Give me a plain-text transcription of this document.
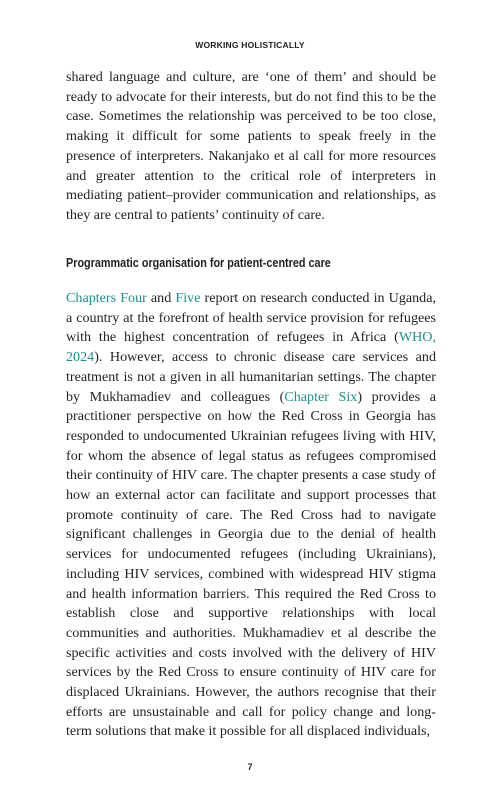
WORKING HOLISTICALLY

shared language and culture, are ‘one of them’ and should be ready to advocate for their interests, but do not find this to be the case. Sometimes the relationship was perceived to be too close, making it difficult for some patients to speak freely in the presence of interpreters. Nakanjako et al call for more resources and greater attention to the critical role of interpreters in mediating patient–provider communication and relationships, as they are central to patients’ continuity of care.

Programmatic organisation for patient-centred care

Chapters Four and Five report on research conducted in Uganda, a country at the forefront of health service provision for refugees with the highest concentration of refugees in Africa (WHO, 2024). However, access to chronic disease care services and treatment is not a given in all humanitarian settings. The chapter by Mukhamadiev and colleagues (Chapter Six) provides a practitioner perspective on how the Red Cross in Georgia has responded to undocumented Ukrainian refugees living with HIV, for whom the absence of legal status as refugees compromised their continuity of HIV care. The chapter presents a case study of how an external actor can facilitate and support processes that promote continuity of care. The Red Cross had to navigate significant challenges in Georgia due to the denial of health services for undocumented refugees (including Ukrainians), including HIV services, combined with widespread HIV stigma and health information barriers. This required the Red Cross to establish close and supportive relationships with local communities and authorities. Mukhamadiev et al describe the specific activities and costs involved with the delivery of HIV services by the Red Cross to ensure continuity of HIV care for displaced Ukrainians. However, the authors recognise that their efforts are unsustainable and call for policy change and long-term solutions that make it possible for all displaced individuals,

7
